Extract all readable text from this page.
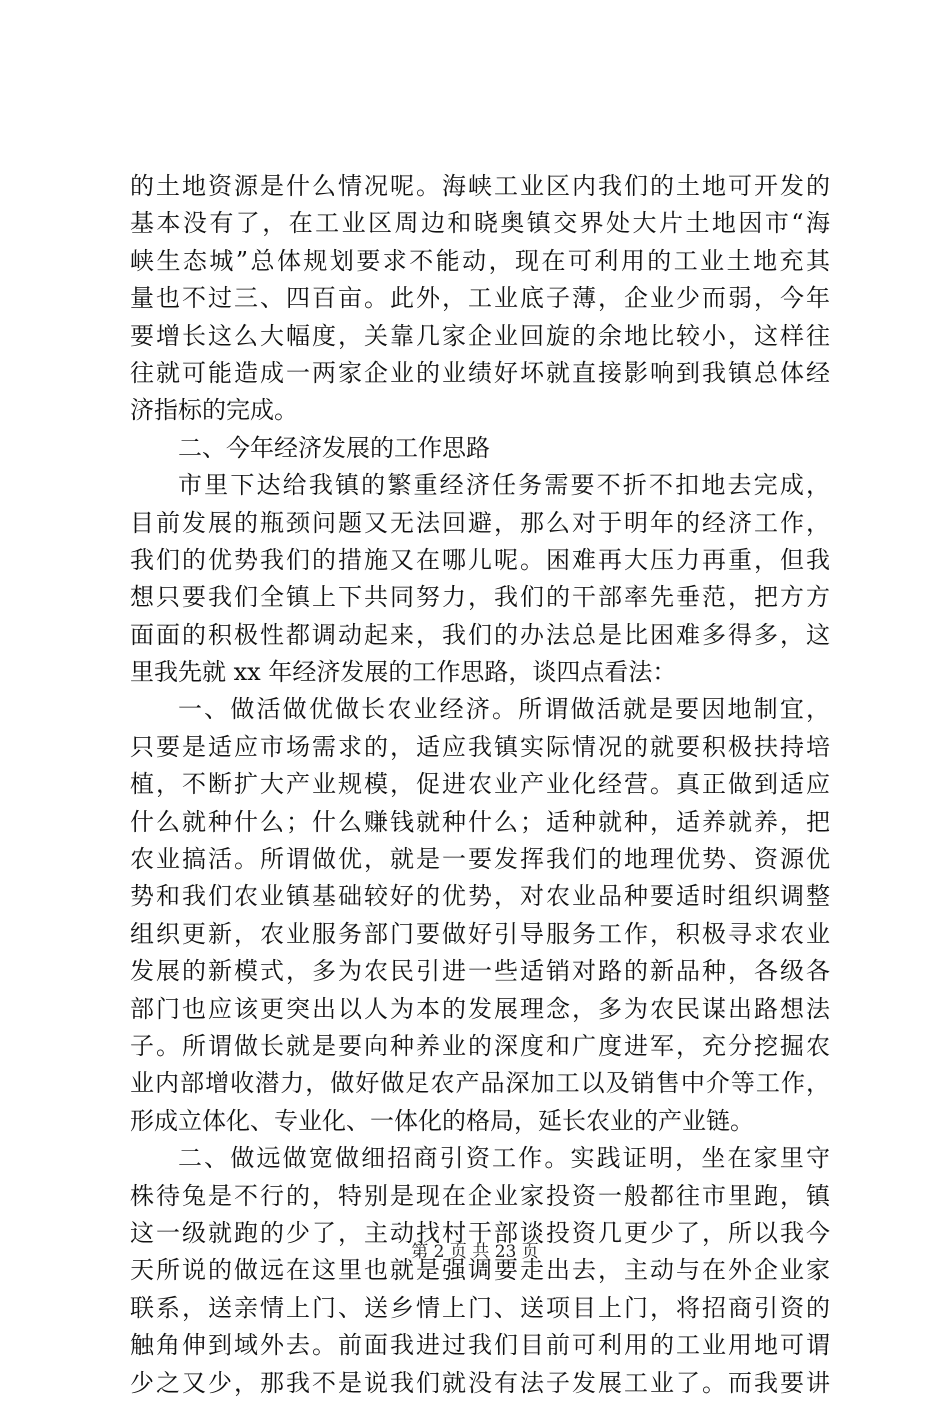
的土地资源是什么情况呢。海峡工业区内我们的土地可开发的
基本没有了，在工业区周边和晓奥镇交界处大片土地因市“海
峡生态城”总体规划要求不能动，现在可利用的工业土地充其
量也不过三、四百亩。此外，工业底子薄，企业少而弱，今年
要增长这么大幅度，关靠几家企业回旋的余地比较小，这样往
往就可能造成一两家企业的业绩好坏就直接影响到我镇总体经
济指标的完成。
二、今年经济发展的工作思路
市里下达给我镇的繁重经济任务需要不折不扣地去完成，
目前发展的瓶颈问题又无法回避，那么对于明年的经济工作，
我们的优势我们的措施又在哪儿呢。困难再大压力再重，但我
想只要我们全镇上下共同努力，我们的干部率先垂范，把方方
面面的积极性都调动起来，我们的办法总是比困难多得多，这
里我先就 xx 年经济发展的工作思路，谈四点看法：
一、做活做优做长农业经济。所谓做活就是要因地制宜，
只要是适应市场需求的，适应我镇实际情况的就要积极扶持培
植，不断扩大产业规模，促进农业产业化经营。真正做到适应
什么就种什么；什么赚钱就种什么；适种就种，适养就养，把
农业搞活。所谓做优，就是一要发挥我们的地理优势、资源优
势和我们农业镇基础较好的优势，对农业品种要适时组织调整
组织更新，农业服务部门要做好引导服务工作，积极寻求农业
发展的新模式，多为农民引进一些适销对路的新品种，各级各
部门也应该更突出以人为本的发展理念，多为农民谋出路想法
子。所谓做长就是要向种养业的深度和广度进军，充分挖掘农
业内部增收潜力，做好做足农产品深加工以及销售中介等工作，
形成立体化、专业化、一体化的格局，延长农业的产业链。
二、做远做宽做细招商引资工作。实践证明，坐在家里守
株待兔是不行的，特别是现在企业家投资一般都往市里跑，镇
这一级就跑的少了，主动找村干部谈投资几更少了，所以我今
天所说的做远在这里也就是强调要走出去，主动与在外企业家
联系，送亲情上门、送乡情上门、送项目上门，将招商引资的
触角伸到域外去。前面我进过我们目前可利用的工业用地可谓
少之又少，那我不是说我们就没有法子发展工业了。而我要讲
第 2 页 共 23 页
